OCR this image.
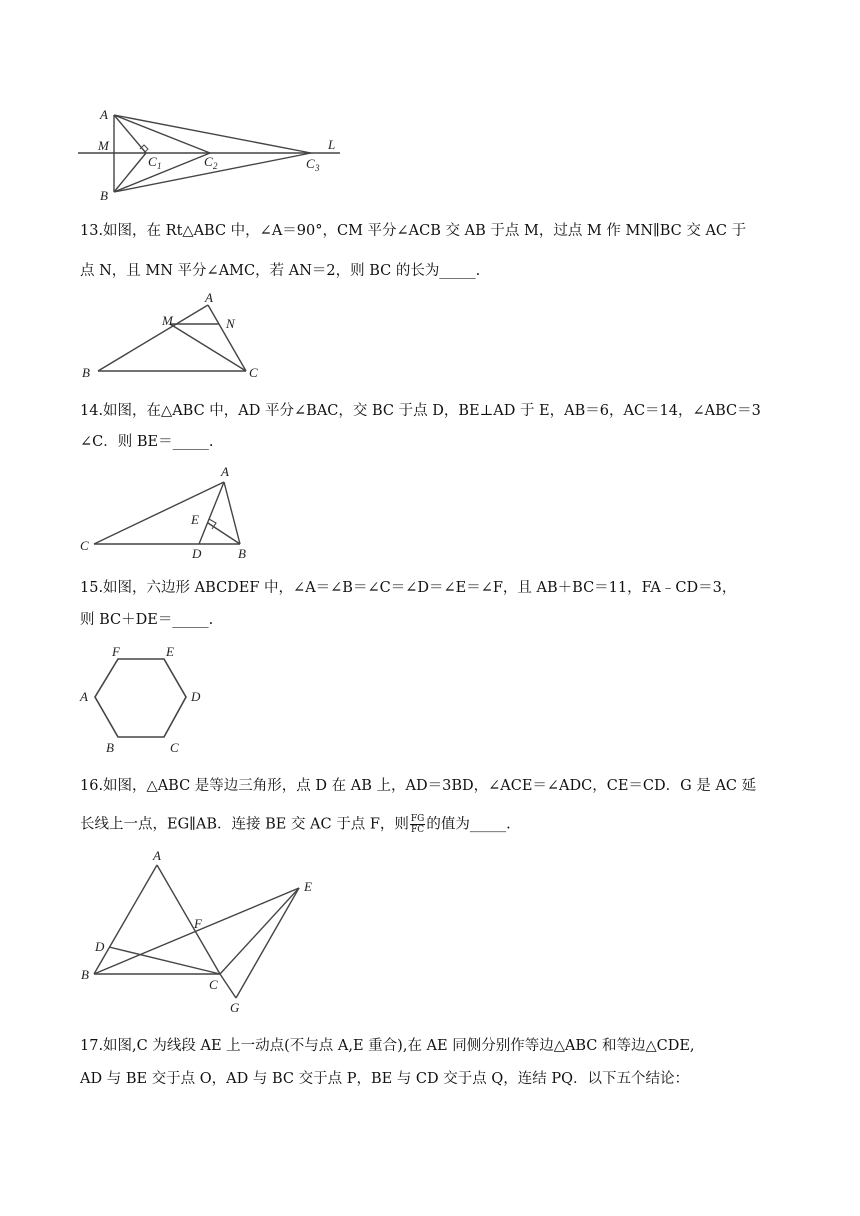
A
M
B
C 1	C 2	C 3
L
13.如图，在 Rt△ABC 中，∠A＝90°，CM 平分∠ACB 交 AB 于点 M，过点 M 作 MN∥BC 交 AC 于
点 N，且 MN 平分∠AMC，若 AN＝2，则 BC 的长为_____.
A
M	N
B	C
14.如图，在△ABC 中，AD 平分∠BAC，交 BC 于点 D，BE⊥AD 于 E，AB＝6，AC＝14，∠ABC＝3
∠C．则 BE＝_____.
A
E
C
D	B
15.如图，六边形 ABCDEF 中，∠A＝∠B＝∠C＝∠D＝∠E＝∠F，且 AB＋BC＝11，FA﹣CD＝3，
则 BC＋DE＝_____.
F	E
A	D
B	C
16.如图，△ABC 是等边三角形，点 D 在 AB 上，AD＝3BD，∠ACE＝∠ADC，CE＝CD．G 是 AC 延
长线上一点，EG∥AB．连接 BE 交 AC 于点 F，则 $\frac{FG}{FC}$ 的值为_____.
A
E
F
D
B
C
G
17.如图,C 为线段 AE 上一动点(不与点 A,E 重合),在 AE 同侧分别作等边△ABC 和等边△CDE,
AD 与 BE 交于点 O，AD 与 BC 交于点 P，BE 与 CD 交于点 Q，连结 PQ．以下五个结论：
